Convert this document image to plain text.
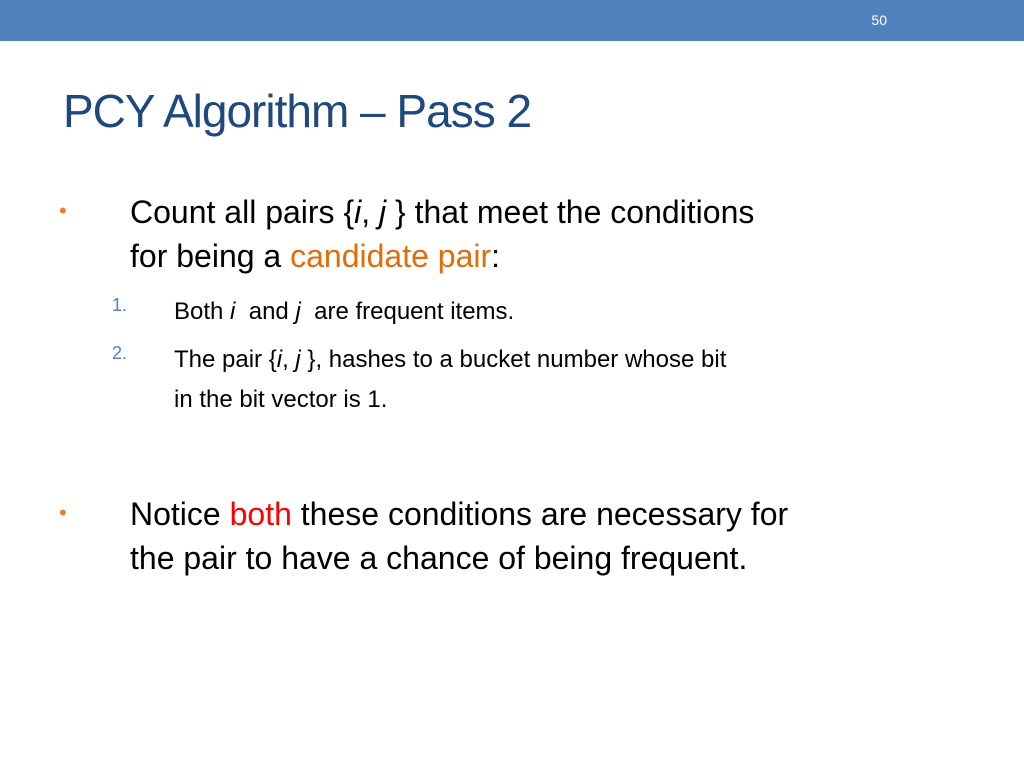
50
PCY Algorithm – Pass 2
• Count all pairs {i, j } that meet the conditions
for being a candidate pair:
1. Both i  and j  are frequent items.
2. The pair {i, j }, hashes to a bucket number whose bit
in the bit vector is 1.
• Notice both these conditions are necessary for
the pair to have a chance of being frequent.
